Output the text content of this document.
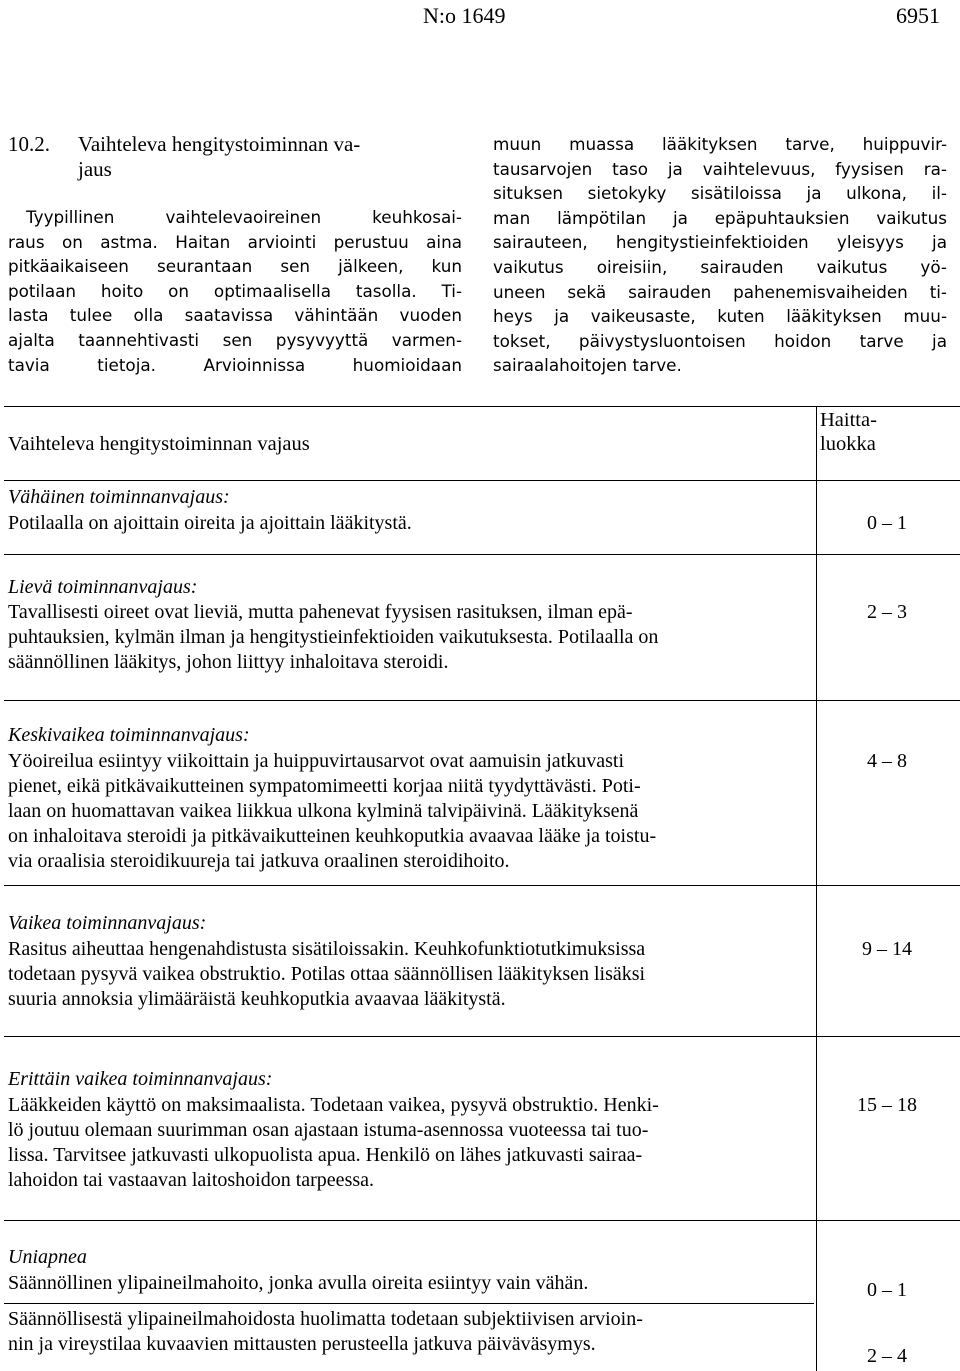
N:o 1649	6951
10.2. Vaihteleva hengitystoiminnan va-
jaus

Tyypillinen vaihtelevaoireinen keuhkosai-

raus on astma. Haitan arviointi perustuu aina

pitkäaikaiseen seurantaan sen jälkeen, kun

potilaan hoito on optimaalisella tasolla. Ti-

lasta tulee olla saatavissa vähintään vuoden

ajalta taannehtivasti sen pysyvyyttä varmen-

tavia tietoja. Arvioinnissa huomioidaan

muun muassa lääkityksen tarve, huippuvir-

tausarvojen taso ja vaihtelevuus, fyysisen ra-

situksen sietokyky sisätiloissa ja ulkona, il-

man lämpötilan ja epäpuhtauksien vaikutus

sairauteen, hengitystieinfektioiden yleisyys ja

vaikutus oireisiin, sairauden vaikutus yö-

uneen sekä sairauden pahenemisvaiheiden ti-

heys ja vaikeusaste, kuten lääkityksen muu-

tokset, päivystysluontoisen hoidon tarve ja

sairaalahoitojen tarve.

Vaihteleva hengitystoiminnan vajaus
Haitta-
luokka
Vähäinen toiminnanvajaus:
Potilaalla on ajoittain oireita ja ajoittain lääkitystä.	0 – 1
Lievä toiminnanvajaus:
Tavallisesti oireet ovat lieviä, mutta pahenevat fyysisen rasituksen, ilman epä-
puhtauksien, kylmän ilman ja hengitystieinfektioiden vaikutuksesta. Potilaalla on
säännöllinen lääkitys, johon liittyy inhaloitava steroidi.
2 – 3
Keskivaikea toiminnanvajaus:
Yöoireilua esiintyy viikoittain ja huippuvirtausarvot ovat aamuisin jatkuvasti
pienet, eikä pitkävaikutteinen sympatomimeetti korjaa niitä tyydyttävästi. Poti-
laan on huomattavan vaikea liikkua ulkona kylminä talvipäivinä. Lääkityksenä
on inhaloitava steroidi ja pitkävaikutteinen keuhkoputkia avaavaa lääke ja toistu-
via oraalisia steroidikuureja tai jatkuva oraalinen steroidihoito.
4 – 8
Vaikea toiminnanvajaus:
Rasitus aiheuttaa hengenahdistusta sisätiloissakin. Keuhkofunktiotutkimuksissa
todetaan pysyvä vaikea obstruktio. Potilas ottaa säännöllisen lääkityksen lisäksi
suuria annoksia ylimääräistä keuhkoputkia avaavaa lääkitystä.
9 – 14
Erittäin vaikea toiminnanvajaus:
Lääkkeiden käyttö on maksimaalista. Todetaan vaikea, pysyvä obstruktio. Henki-
lö joutuu olemaan suurimman osan ajastaan istuma-asennossa vuoteessa tai tuo-
lissa. Tarvitsee jatkuvasti ulkopuolista apua. Henkilö on lähes jatkuvasti sairaa-
lahoidon tai vastaavan laitoshoidon tarpeessa.
15 – 18
Uniapnea
Säännöllinen ylipaineilmahoito, jonka avulla oireita esiintyy vain vähän.	0 – 1
Säännöllisestä ylipaineilmahoidosta huolimatta todetaan subjektiivisen arvioin-
nin ja vireystilaa kuvaavien mittausten perusteella jatkuva päiväväsymys.
2 – 4
